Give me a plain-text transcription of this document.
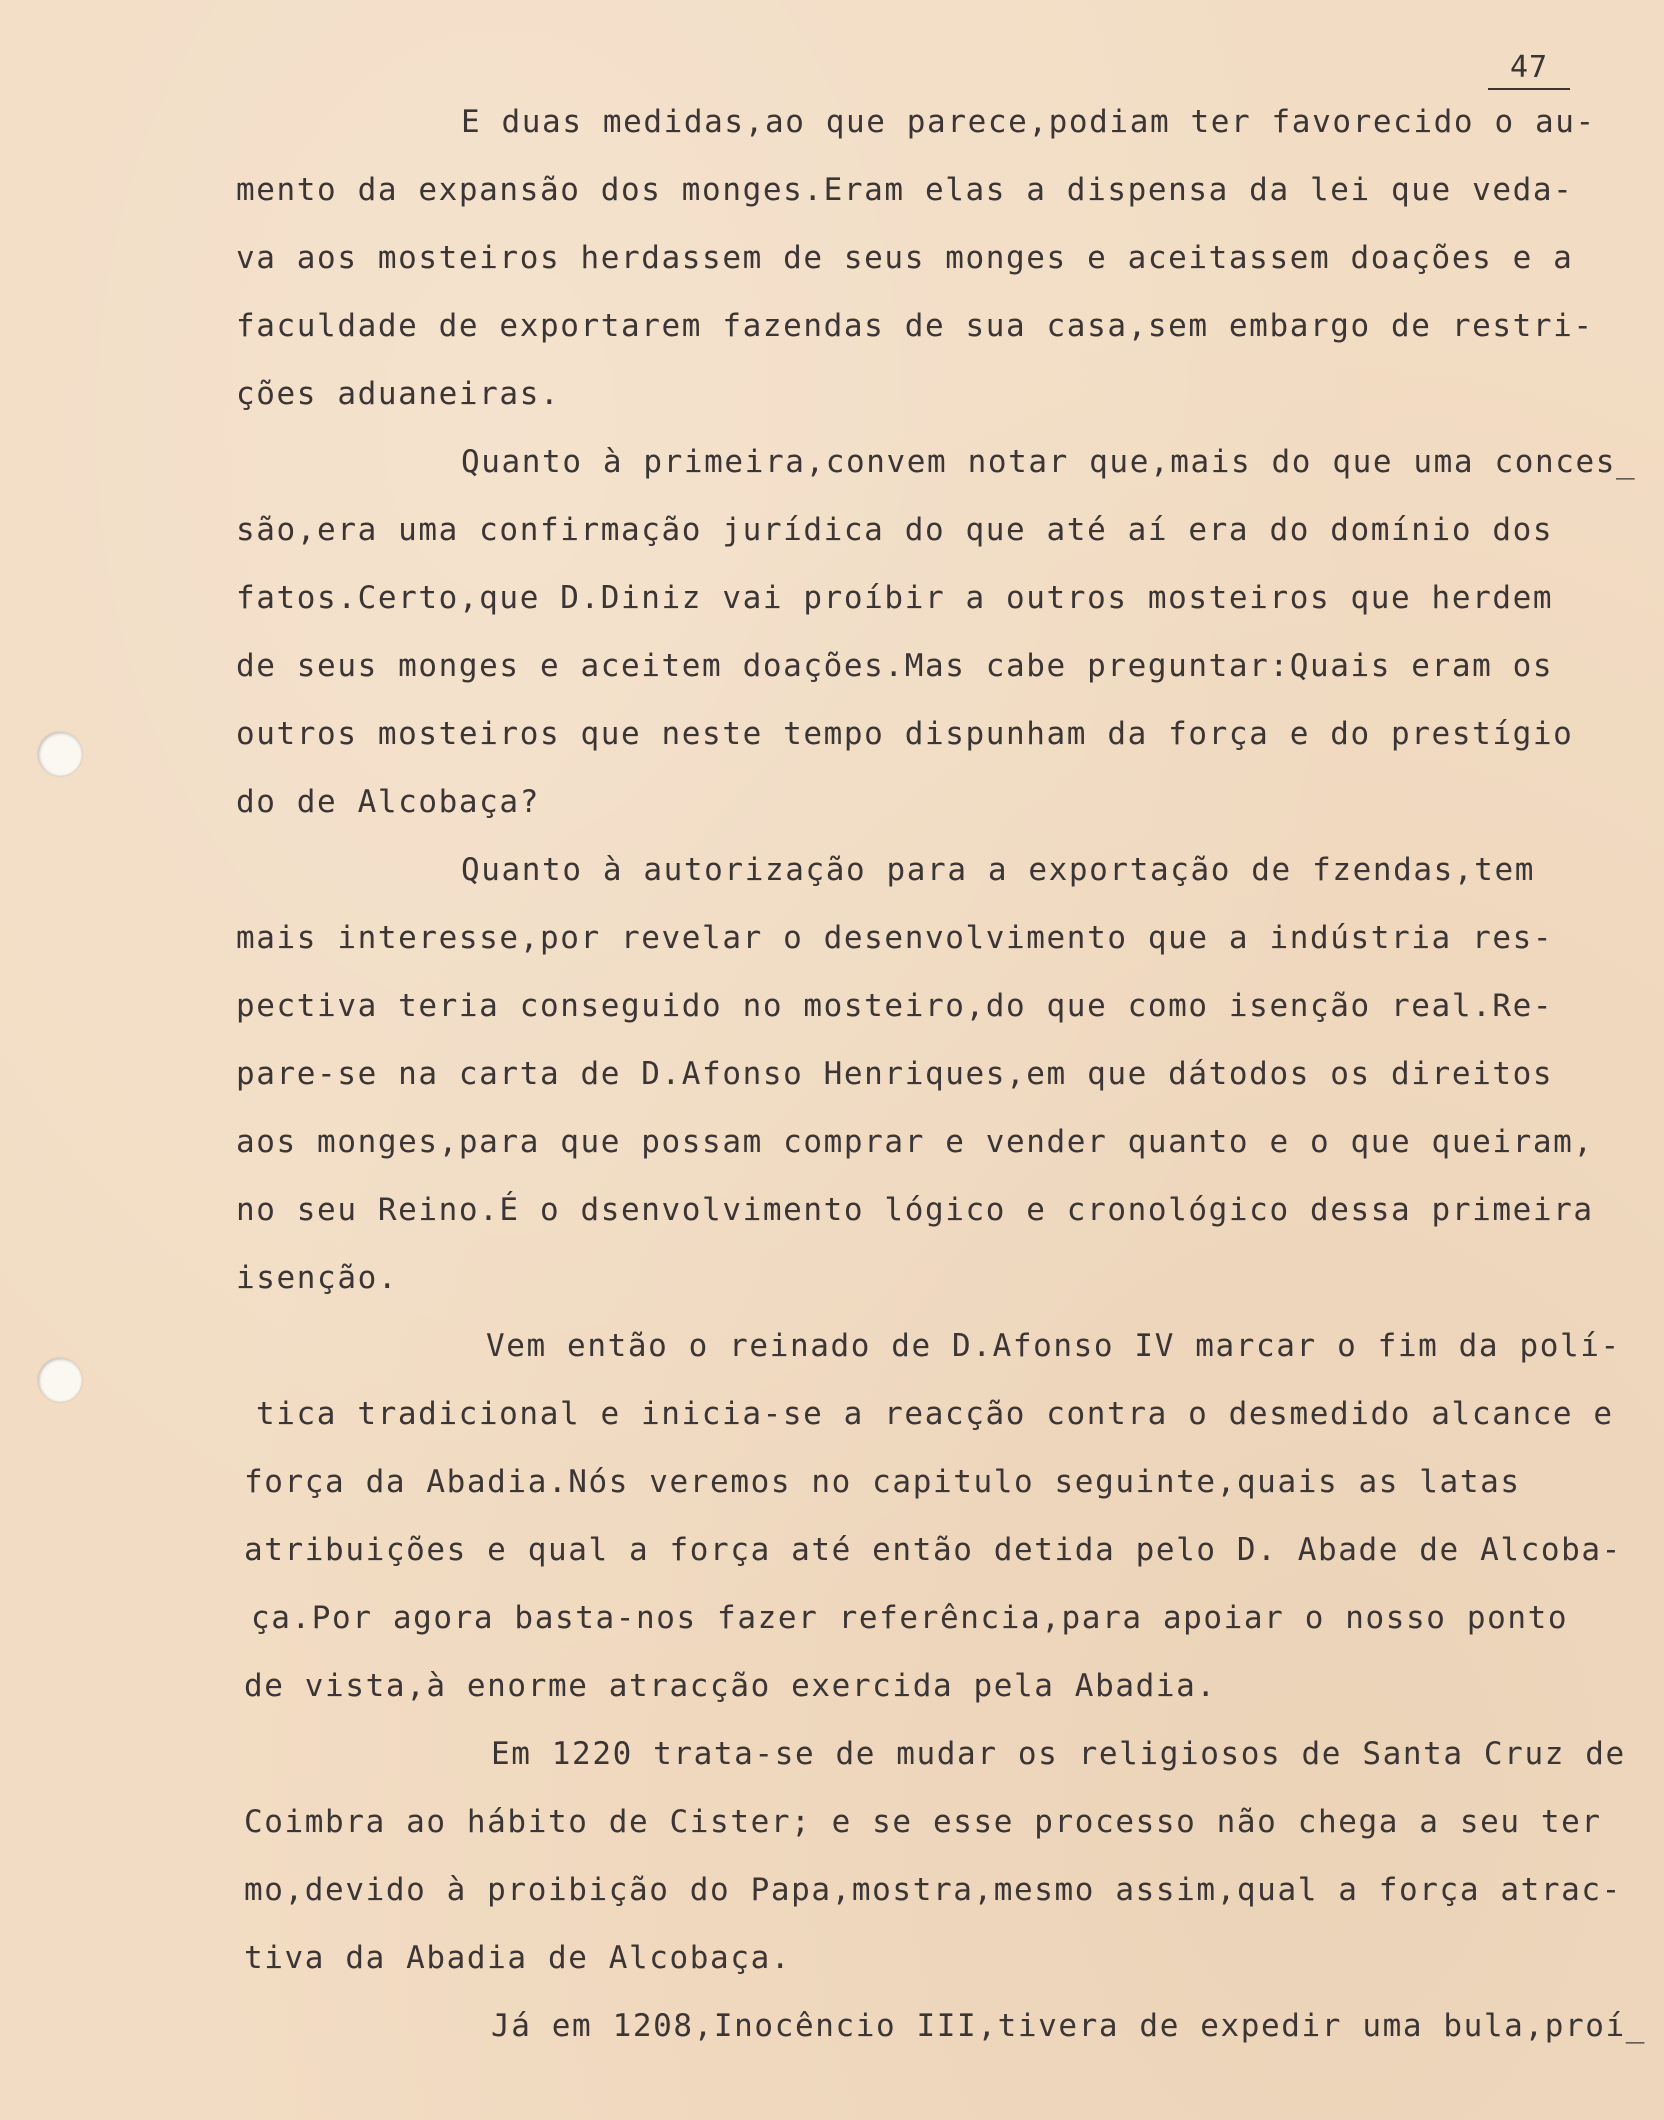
47
E duas medidas,ao que parece,podiam ter favorecido o au-
mento da expansão dos monges.Eram elas a dispensa da lei que veda-
va aos mosteiros herdassem de seus monges e aceitassem doações e a
faculdade de exportarem fazendas de sua casa,sem embargo de restri-
ções aduaneiras.
Quanto à primeira,convem notar que,mais do que uma conces_
são,era uma confirmação jurídica do que até aí era do domínio dos
fatos.Certo,que D.Diniz vai proíbir a outros mosteiros que herdem
de seus monges e aceitem doações.Mas cabe preguntar:Quais eram os
outros mosteiros que neste tempo dispunham da força e do prestígio
do de Alcobaça?
Quanto à autorização para a exportação de fzendas,tem
mais interesse,por revelar o desenvolvimento que a indústria res-
pectiva teria conseguido no mosteiro,do que como isenção real.Re-
pare-se na carta de D.Afonso Henriques,em que dátodos os direitos
aos monges,para que possam comprar e vender quanto e o que queiram,
no seu Reino.É o dsenvolvimento lógico e cronológico dessa primeira
isenção.
Vem então o reinado de D.Afonso IV marcar o fim da polí-
tica tradicional e inicia-se a reacção contra o desmedido alcance e
força da Abadia.Nós veremos no capitulo seguinte,quais as latas
atribuições e qual a força até então detida pelo D. Abade de Alcoba-
ça.Por agora basta-nos fazer referência,para apoiar o nosso ponto
de vista,à enorme atracção exercida pela Abadia.
Em 1220 trata-se de mudar os religiosos de Santa Cruz de
Coimbra ao hábito de Cister; e se esse processo não chega a seu ter
mo,devido à proibição do Papa,mostra,mesmo assim,qual a força atrac-
tiva da Abadia de Alcobaça.
Já em 1208,Inocêncio III,tivera de expedir uma bula,proí_
